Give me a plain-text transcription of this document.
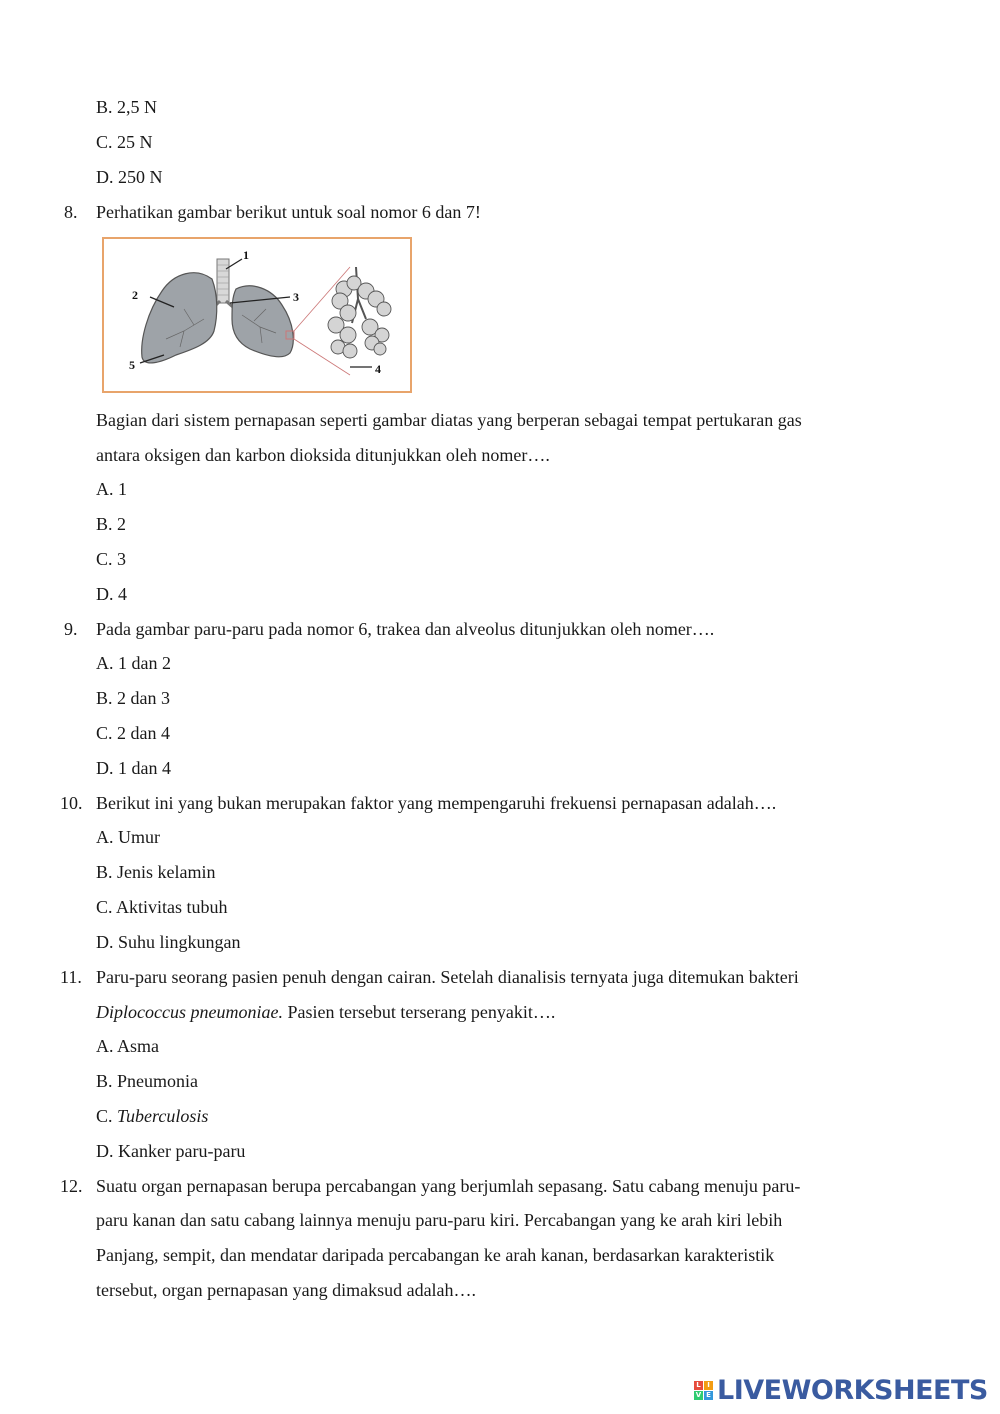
B. 2,5 N
C. 25 N
D. 250 N
8. Perhatikan gambar berikut untuk soal nomor 6 dan 7!
1
2	3
4
5
Bagian dari sistem pernapasan seperti gambar diatas yang berperan sebagai tempat pertukaran gas
antara oksigen dan karbon dioksida ditunjukkan oleh nomer….
A. 1
B. 2
C. 3
D. 4
9. Pada gambar paru-paru pada nomor 6, trakea dan alveolus ditunjukkan oleh nomer….
A. 1 dan 2
B. 2 dan 3
C. 2 dan 4
D. 1 dan 4
10. Berikut ini yang bukan merupakan faktor yang mempengaruhi frekuensi pernapasan adalah….
A. Umur
B. Jenis kelamin
C. Aktivitas tubuh
D. Suhu lingkungan
11. Paru-paru seorang pasien penuh dengan cairan. Setelah dianalisis ternyata juga ditemukan bakteri
Diplococcus pneumoniae. Pasien tersebut terserang penyakit….
A. Asma
B. Pneumonia
C. Tuberculosis
D. Kanker paru-paru
12. Suatu organ pernapasan berupa percabangan yang berjumlah sepasang. Satu cabang menuju paru-
paru kanan dan satu cabang lainnya menuju paru-paru kiri. Percabangan yang ke arah kiri lebih
Panjang, sempit, dan mendatar daripada percabangan ke arah kanan, berdasarkan karakteristik
tersebut, organ pernapasan yang dimaksud adalah….
L I
V E LIVEWORKSHEETS
